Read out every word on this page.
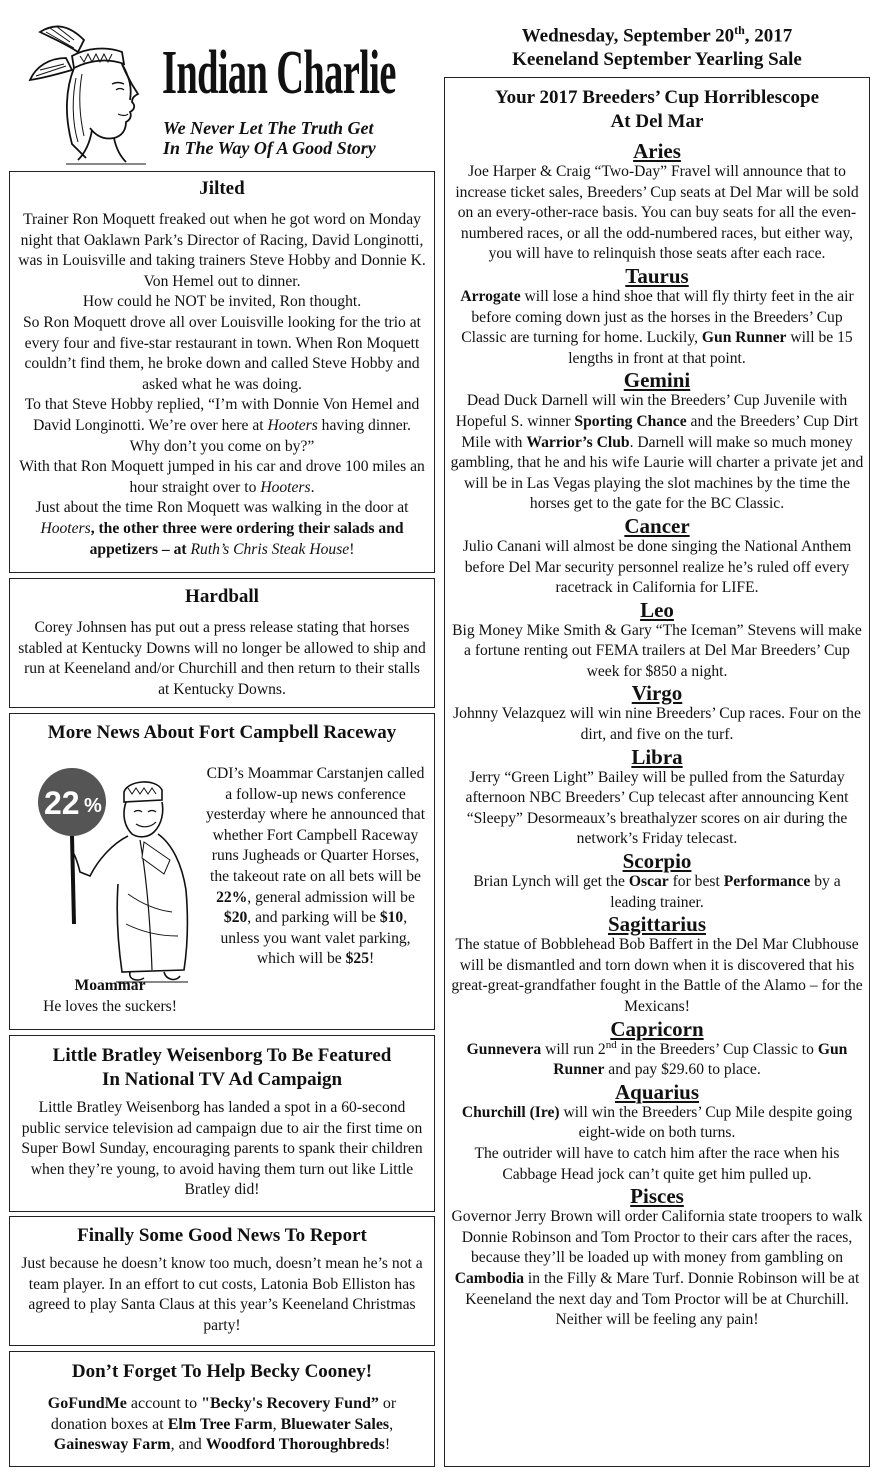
Indian Charlie
We Never Let The Truth Get
In The Way Of A Good Story
Wednesday, September 20th, 2017
Keeneland September Yearling Sale
Jilted
Trainer Ron Moquett freaked out when he got word on Monday night that Oaklawn Park’s Director of Racing, David Longinotti, was in Louisville and taking trainers Steve Hobby and Donnie K. Von Hemel out to dinner.
How could he NOT be invited, Ron thought.
So Ron Moquett drove all over Louisville looking for the trio at every four and five-star restaurant in town. When Ron Moquett couldn’t find them, he broke down and called Steve Hobby and asked what he was doing.
To that Steve Hobby replied, “I’m with Donnie Von Hemel and David Longinotti. We’re over here at Hooters having dinner. Why don’t you come on by?”
With that Ron Moquett jumped in his car and drove 100 miles an hour straight over to Hooters.
Just about the time Ron Moquett was walking in the door at Hooters, the other three were ordering their salads and appetizers – at Ruth’s Chris Steak House!
Hardball
Corey Johnsen has put out a press release stating that horses stabled at Kentucky Downs will no longer be allowed to ship and run at Keeneland and/or Churchill and then return to their stalls at Kentucky Downs.
More News About Fort Campbell Raceway
22 %
Moammar
He loves the suckers!
CDI’s Moammar Carstanjen called a follow-up news conference yesterday where he announced that whether Fort Campbell Raceway runs Jugheads or Quarter Horses, the takeout rate on all bets will be 22%, general admission will be $20, and parking will be $10, unless you want valet parking, which will be $25!
Little Bratley Weisenborg To Be Featured
In National TV Ad Campaign
Little Bratley Weisenborg has landed a spot in a 60-second public service television ad campaign due to air the first time on Super Bowl Sunday, encouraging parents to spank their children when they’re young, to avoid having them turn out like Little Bratley did!
Finally Some Good News To Report
Just because he doesn’t know too much, doesn’t mean he’s not a team player. In an effort to cut costs, Latonia Bob Elliston has agreed to play Santa Claus at this year’s Keeneland Christmas party!
Don’t Forget To Help Becky Cooney!
GoFundMe account to "Becky's Recovery Fund” or donation boxes at Elm Tree Farm, Bluewater Sales, Gainesway Farm, and Woodford Thoroughbreds!
Your 2017 Breeders’ Cup Horriblescope
At Del Mar
Aries
Joe Harper & Craig “Two-Day” Fravel will announce that to increase ticket sales, Breeders’ Cup seats at Del Mar will be sold on an every-other-race basis. You can buy seats for all the even-numbered races, or all the odd-numbered races, but either way, you will have to relinquish those seats after each race.
Taurus
Arrogate will lose a hind shoe that will fly thirty feet in the air before coming down just as the horses in the Breeders’ Cup Classic are turning for home. Luckily, Gun Runner will be 15 lengths in front at that point.
Gemini
Dead Duck Darnell will win the Breeders’ Cup Juvenile with Hopeful S. winner Sporting Chance and the Breeders’ Cup Dirt Mile with Warrior’s Club. Darnell will make so much money gambling, that he and his wife Laurie will charter a private jet and will be in Las Vegas playing the slot machines by the time the horses get to the gate for the BC Classic.
Cancer
Julio Canani will almost be done singing the National Anthem before Del Mar security personnel realize he’s ruled off every racetrack in California for LIFE.
Leo
Big Money Mike Smith & Gary “The Iceman” Stevens will make a fortune renting out FEMA trailers at Del Mar Breeders’ Cup week for $850 a night.
Virgo
Johnny Velazquez will win nine Breeders’ Cup races. Four on the dirt, and five on the turf.
Libra
Jerry “Green Light” Bailey will be pulled from the Saturday afternoon NBC Breeders’ Cup telecast after announcing Kent “Sleepy” Desormeaux’s breathalyzer scores on air during the network’s Friday telecast.
Scorpio
Brian Lynch will get the Oscar for best Performance by a leading trainer.
Sagittarius
The statue of Bobblehead Bob Baffert in the Del Mar Clubhouse will be dismantled and torn down when it is discovered that his great-great-grandfather fought in the Battle of the Alamo – for the Mexicans!
Capricorn
Gunnevera will run 2nd in the Breeders’ Cup Classic to Gun Runner and pay $29.60 to place.
Aquarius
Churchill (Ire) will win the Breeders’ Cup Mile despite going eight-wide on both turns.
The outrider will have to catch him after the race when his Cabbage Head jock can’t quite get him pulled up.
Pisces
Governor Jerry Brown will order California state troopers to walk Donnie Robinson and Tom Proctor to their cars after the races, because they’ll be loaded up with money from gambling on Cambodia in the Filly & Mare Turf. Donnie Robinson will be at Keeneland the next day and Tom Proctor will be at Churchill.
Neither will be feeling any pain!
